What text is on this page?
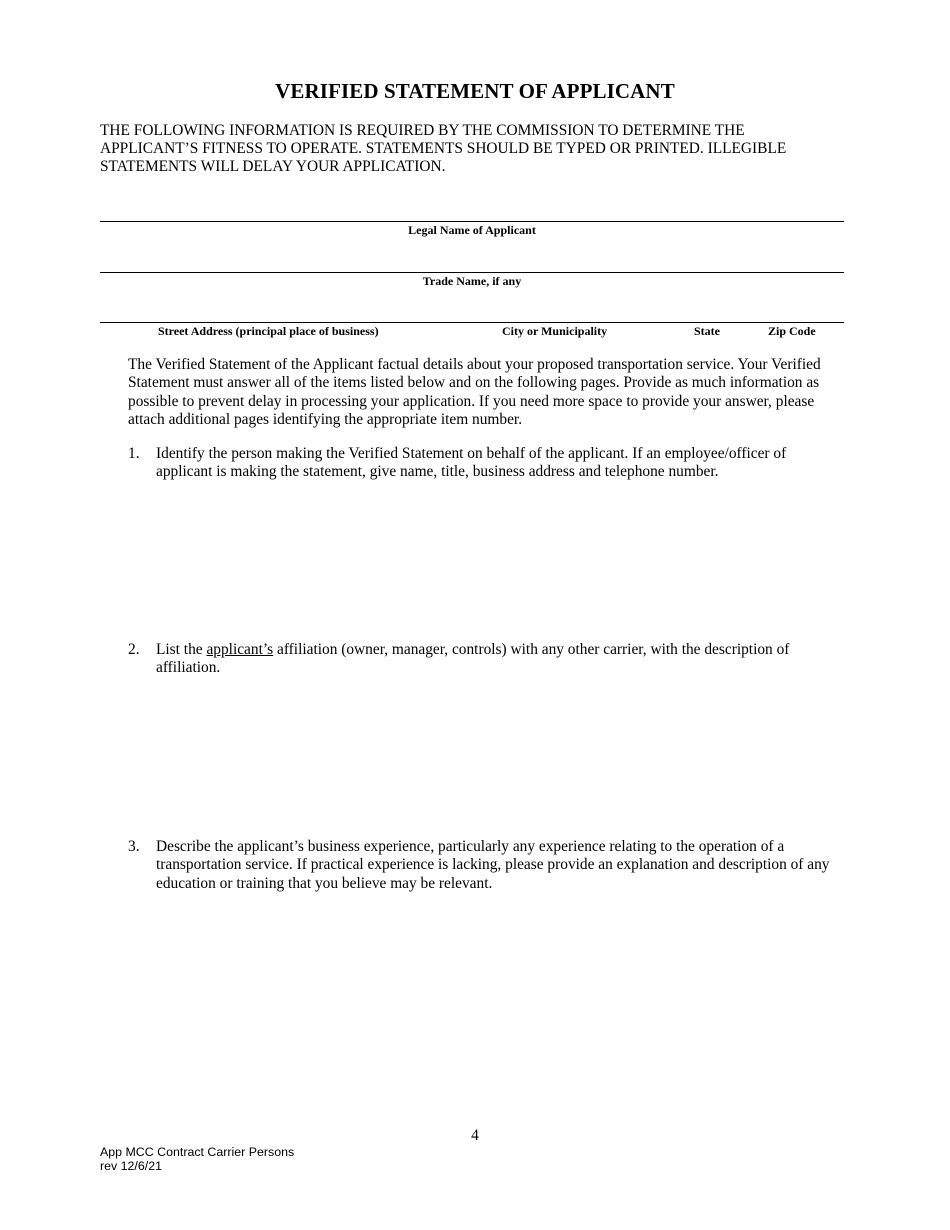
VERIFIED STATEMENT OF APPLICANT
THE FOLLOWING INFORMATION IS REQUIRED BY THE COMMISSION TO DETERMINE THE APPLICANT’S FITNESS TO OPERATE. STATEMENTS SHOULD BE TYPED OR PRINTED. ILLEGIBLE STATEMENTS WILL DELAY YOUR APPLICATION.
Legal Name of Applicant
Trade Name, if any
Street Address (principal place of business)	City or Municipality	State	Zip Code
The Verified Statement of the Applicant factual details about your proposed transportation service. Your Verified Statement must answer all of the items listed below and on the following pages. Provide as much information as possible to prevent delay in processing your application. If you need more space to provide your answer, please attach additional pages identifying the appropriate item number.
1. Identify the person making the Verified Statement on behalf of the applicant. If an employee/officer of applicant is making the statement, give name, title, business address and telephone number.
2. List the applicant’s affiliation (owner, manager, controls) with any other carrier, with the description of affiliation.
3. Describe the applicant’s business experience, particularly any experience relating to the operation of a transportation service. If practical experience is lacking, please provide an explanation and description of any education or training that you believe may be relevant.
4
App MCC Contract Carrier Persons
rev 12/6/21
